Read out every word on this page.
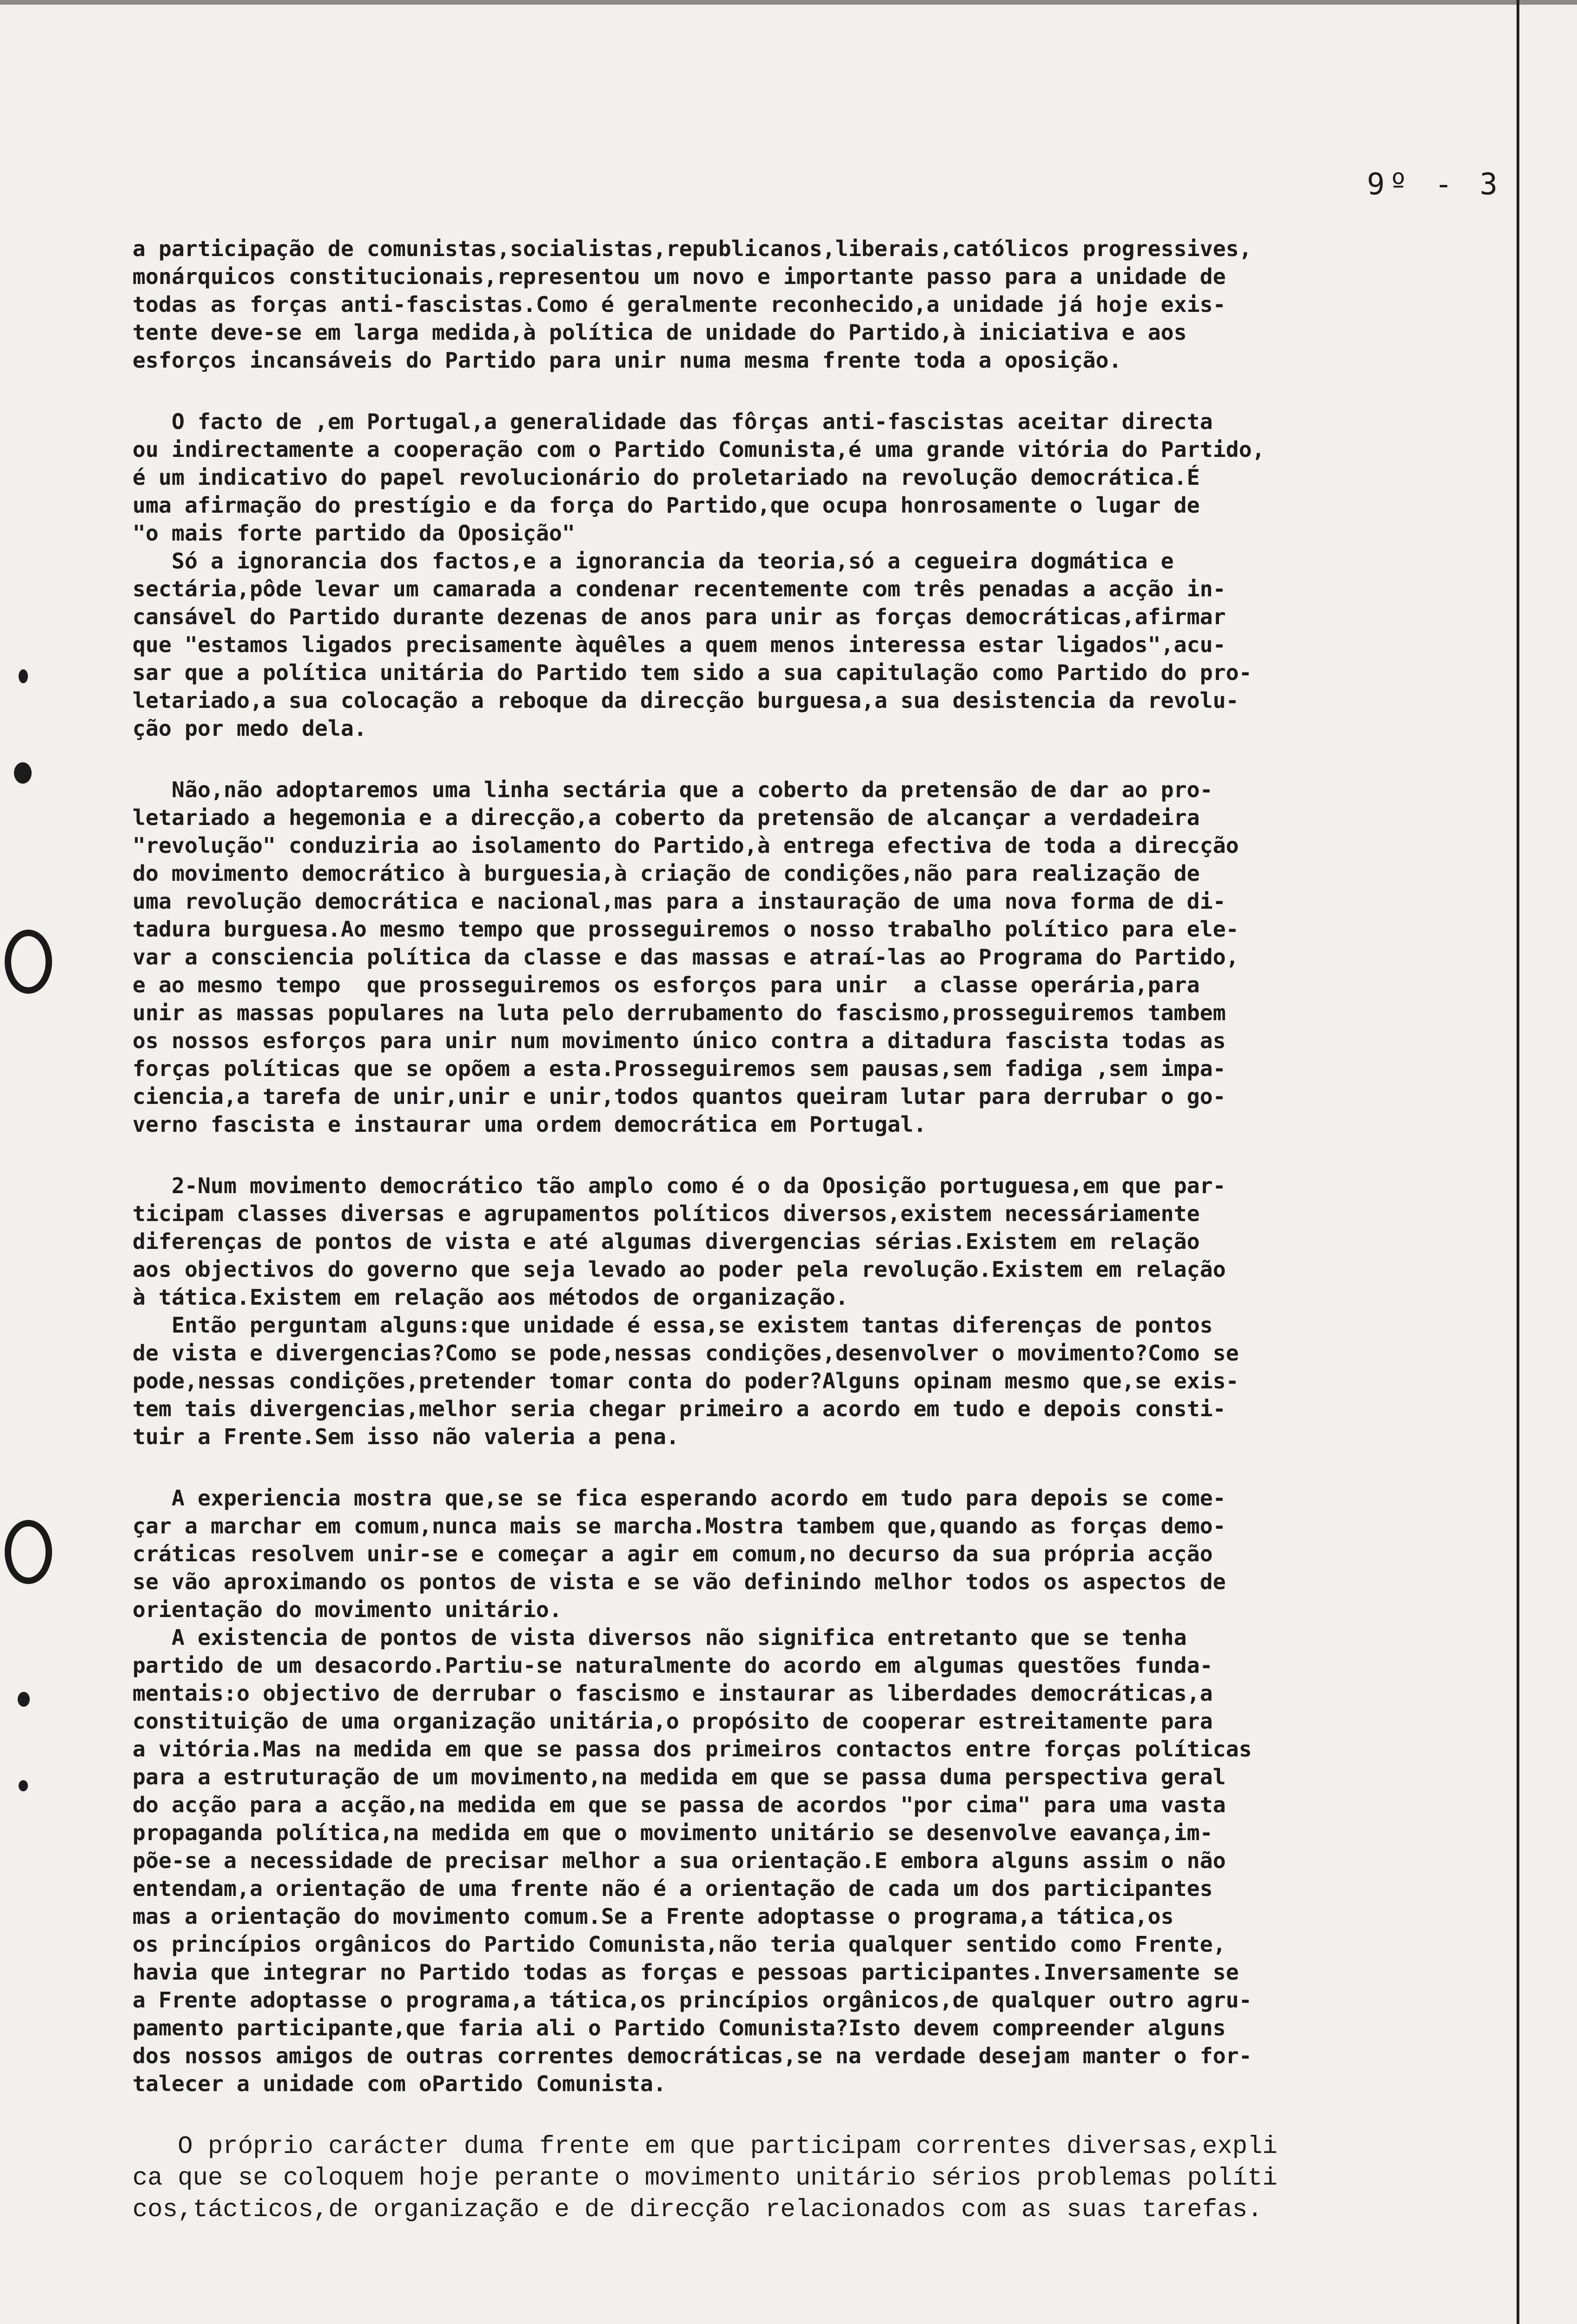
9º - 3
a participação de comunistas,socialistas,republicanos,liberais,católicos progressives,
monárquicos constitucionais,representou um novo e importante passo para a unidade de
todas as forças anti-fascistas.Como é geralmente reconhecido,a unidade já hoje exis-
tente deve-se em larga medida,à política de unidade do Partido,à iniciativa e aos
esforços incansáveis do Partido para unir numa mesma frente toda a oposição.
O facto de ,em Portugal,a generalidade das fôrças anti-fascistas aceitar directa
ou indirectamente a cooperação com o Partido Comunista,é uma grande vitória do Partido,
é um indicativo do papel revolucionário do proletariado na revolução democrática.É
uma afirmação do prestígio e da força do Partido,que ocupa honrosamente o lugar de
"o mais forte partido da Oposição"
Só a ignorancia dos factos,e a ignorancia da teoria,só a cegueira dogmática e
sectária,pôde levar um camarada a condenar recentemente com três penadas a acção in-
cansável do Partido durante dezenas de anos para unir as forças democráticas,afirmar
que "estamos ligados precisamente àquêles a quem menos interessa estar ligados",acu-
sar que a política unitária do Partido tem sido a sua capitulação como Partido do pro-
letariado,a sua colocação a reboque da direcção burguesa,a sua desistencia da revolu-
ção por medo dela.
Não,não adoptaremos uma linha sectária que a coberto da pretensão de dar ao pro-
letariado a hegemonia e a direcção,a coberto da pretensão de alcançar a verdadeira
"revolução" conduziria ao isolamento do Partido,à entrega efectiva de toda a direcção
do movimento democrático à burguesia,à criação de condições,não para realização de
uma revolução democrática e nacional,mas para a instauração de uma nova forma de di-
tadura burguesa.Ao mesmo tempo que prosseguiremos o nosso trabalho político para ele-
var a consciencia política da classe e das massas e atraí-las ao Programa do Partido,
e ao mesmo tempo  que prosseguiremos os esforços para unir  a classe operária,para
unir as massas populares na luta pelo derrubamento do fascismo,prosseguiremos tambem
os nossos esforços para unir num movimento único contra a ditadura fascista todas as
forças políticas que se opõem a esta.Prosseguiremos sem pausas,sem fadiga ,sem impa-
ciencia,a tarefa de unir,unir e unir,todos quantos queiram lutar para derrubar o go-
verno fascista e instaurar uma ordem democrática em Portugal.
2-Num movimento democrático tão amplo como é o da Oposição portuguesa,em que par-
ticipam classes diversas e agrupamentos políticos diversos,existem necessáriamente
diferenças de pontos de vista e até algumas divergencias sérias.Existem em relação
aos objectivos do governo que seja levado ao poder pela revolução.Existem em relação
à tática.Existem em relação aos métodos de organização.
Então perguntam alguns:que unidade é essa,se existem tantas diferenças de pontos
de vista e divergencias?Como se pode,nessas condições,desenvolver o movimento?Como se
pode,nessas condições,pretender tomar conta do poder?Alguns opinam mesmo que,se exis-
tem tais divergencias,melhor seria chegar primeiro a acordo em tudo e depois consti-
tuir a Frente.Sem isso não valeria a pena.
A experiencia mostra que,se se fica esperando acordo em tudo para depois se come-
çar a marchar em comum,nunca mais se marcha.Mostra tambem que,quando as forças demo-
cráticas resolvem unir-se e começar a agir em comum,no decurso da sua própria acção
se vão aproximando os pontos de vista e se vão definindo melhor todos os aspectos de
orientação do movimento unitário.
A existencia de pontos de vista diversos não significa entretanto que se tenha
partido de um desacordo.Partiu-se naturalmente do acordo em algumas questões funda-
mentais:o objectivo de derrubar o fascismo e instaurar as liberdades democráticas,a
constituição de uma organização unitária,o propósito de cooperar estreitamente para
a vitória.Mas na medida em que se passa dos primeiros contactos entre forças políticas
para a estruturação de um movimento,na medida em que se passa duma perspectiva geral
do acção para a acção,na medida em que se passa de acordos "por cima" para uma vasta
propaganda política,na medida em que o movimento unitário se desenvolve eavança,im-
põe-se a necessidade de precisar melhor a sua orientação.E embora alguns assim o não
entendam,a orientação de uma frente não é a orientação de cada um dos participantes
mas a orientação do movimento comum.Se a Frente adoptasse o programa,a tática,os
os princípios orgânicos do Partido Comunista,não teria qualquer sentido como Frente,
havia que integrar no Partido todas as forças e pessoas participantes.Inversamente se
a Frente adoptasse o programa,a tática,os princípios orgânicos,de qualquer outro agru-
pamento participante,que faria ali o Partido Comunista?Isto devem compreender alguns
dos nossos amigos de outras correntes democráticas,se na verdade desejam manter o for-
talecer a unidade com oPartido Comunista.
O próprio carácter duma frente em que participam correntes diversas,expli
ca que se coloquem hoje perante o movimento unitário sérios problemas políti
cos,tácticos,de organização e de direcção relacionados com as suas tarefas.
